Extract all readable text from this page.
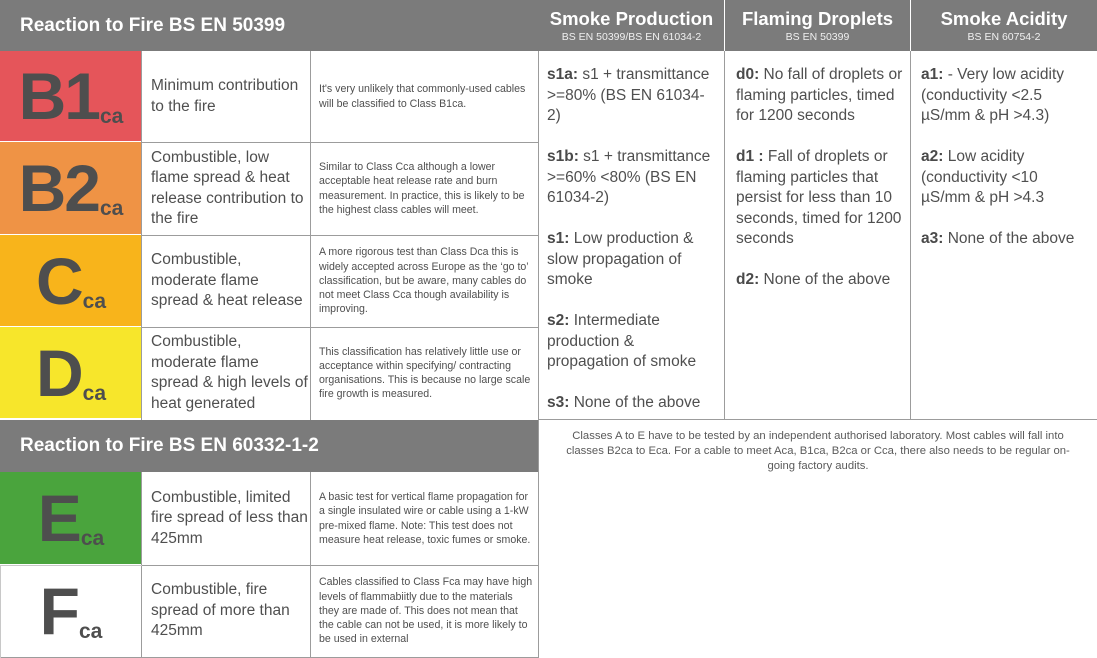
Reaction to Fire BS EN 50399	Smoke Production
BS EN 50399/BS EN 61034-2
Flaming Droplets
BS EN 50399
Smoke Acidity
BS EN 60754-2
B1 ca
Minimum contribution to the fire
It's very unlikely that commonly-used cables will be classified to Class B1ca.
B2 ca
Combustible, low flame spread & heat release contribution to the fire
Similar to Class Cca although a lower acceptable heat release rate and burn measurement. In practice, this is likely to be the highest class cables will meet.
C ca
Combustible, moderate flame spread & heat release
A more rigorous test than Class Dca this is widely accepted across Europe as the ‘go to’ classification, but be aware, many cables do not meet Class Cca though availability is improving.
D ca
Combustible, moderate flame spread & high levels of heat generated
This classification has relatively little use or acceptance within specifying/ contracting organisations. This is because no large scale fire growth is measured.
Reaction to Fire BS EN 60332-1-2
E ca
Combustible, limited fire spread of less than 425mm
A basic test for vertical flame propagation for a single insulated wire or cable using a 1-kW pre-mixed flame. Note: This test does not measure heat release, toxic fumes or smoke.
F ca
Combustible, fire spread of more than 425mm
Cables classified to Class Fca may have high levels of flammabiitly due to the materials they are made of. This does not mean that the cable can not be used, it is more likely to be used in external
s1a: s1 + transmittance >=80% (BS EN 61034-2)
s1b: s1 + transmittance >=60% <80% (BS EN 61034-2)
s1: Low production & slow propagation of smoke
s2: Intermediate production & propagation of smoke
s3: None of the above
d0: No fall of droplets or flaming particles, timed for 1200 seconds
d1 : Fall of droplets or flaming particles that persist for less than 10 seconds, timed for 1200 seconds
d2: None of the above
a1: - Very low acidity (conductivity <2.5 µS/mm & pH >4.3)
a2: Low acidity (conductivity <10 µS/mm & pH >4.3
a3: None of the above
Classes A to E have to be tested by an independent authorised laboratory. Most cables will fall into classes B2ca to Eca. For a cable to meet Aca, B1ca, B2ca or Cca, there also needs to be regular on-going factory audits.
